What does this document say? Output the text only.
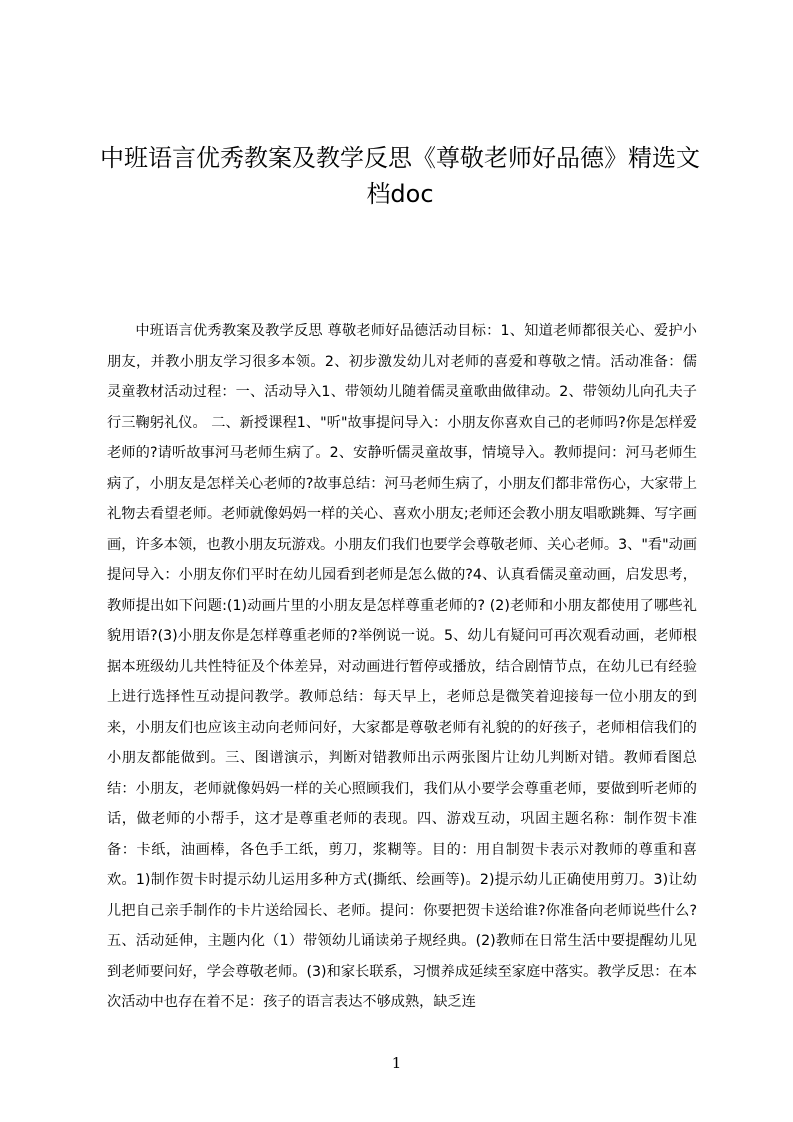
中班语言优秀教案及教学反思《尊敬老师好品德》精选文档doc

中班语言优秀教案及教学反思 尊敬老师好品德活动目标：1、知道老师都很关心、爱护小朋友，并教小朋友学习很多本领。2、初步激发幼儿对老师的喜爱和尊敬之情。活动准备：儒灵童教材活动过程：一、活动导入1、带领幼儿随着儒灵童歌曲做律动。2、带领幼儿向孔夫子行三鞠躬礼仪。 二、新授课程1、"听"故事提问导入：小朋友你喜欢自己的老师吗?你是怎样爱老师的?请听故事河马老师生病了。2、安静听儒灵童故事，情境导入。教师提问：河马老师生病了，小朋友是怎样关心老师的?故事总结：河马老师生病了，小朋友们都非常伤心，大家带上礼物去看望老师。老师就像妈妈一样的关心、喜欢小朋友;老师还会教小朋友唱歌跳舞、写字画画，许多本领，也教小朋友玩游戏。小朋友们我们也要学会尊敬老师、关心老师。3、"看"动画提问导入：小朋友你们平时在幼儿园看到老师是怎么做的?4、认真看儒灵童动画，启发思考，教师提出如下问题:(1)动画片里的小朋友是怎样尊重老师的? (2)老师和小朋友都使用了哪些礼貌用语?(3)小朋友你是怎样尊重老师的?举例说一说。5、幼儿有疑问可再次观看动画，老师根据本班级幼儿共性特征及个体差异，对动画进行暂停或播放，结合剧情节点，在幼儿已有经验上进行选择性互动提问教学。教师总结：每天早上，老师总是微笑着迎接每一位小朋友的到来，小朋友们也应该主动向老师问好，大家都是尊敬老师有礼貌的的好孩子，老师相信我们的小朋友都能做到。三、图谱演示，判断对错教师出示两张图片让幼儿判断对错。教师看图总结：小朋友，老师就像妈妈一样的关心照顾我们，我们从小要学会尊重老师，要做到听老师的话，做老师的小帮手，这才是尊重老师的表现。四、游戏互动，巩固主题名称：制作贺卡准备：卡纸，油画棒，各色手工纸，剪刀，浆糊等。目的：用自制贺卡表示对教师的尊重和喜欢。1)制作贺卡时提示幼儿运用多种方式(撕纸、绘画等)。2)提示幼儿正确使用剪刀。3)让幼儿把自己亲手制作的卡片送给园长、老师。提问：你要把贺卡送给谁?你准备向老师说些什么?五、活动延伸，主题内化（1）带领幼儿诵读弟子规经典。(2)教师在日常生活中要提醒幼儿见到老师要问好，学会尊敬老师。(3)和家长联系，习惯养成延续至家庭中落实。教学反思：在本次活动中也存在着不足：孩子的语言表达不够成熟，缺乏连

1
